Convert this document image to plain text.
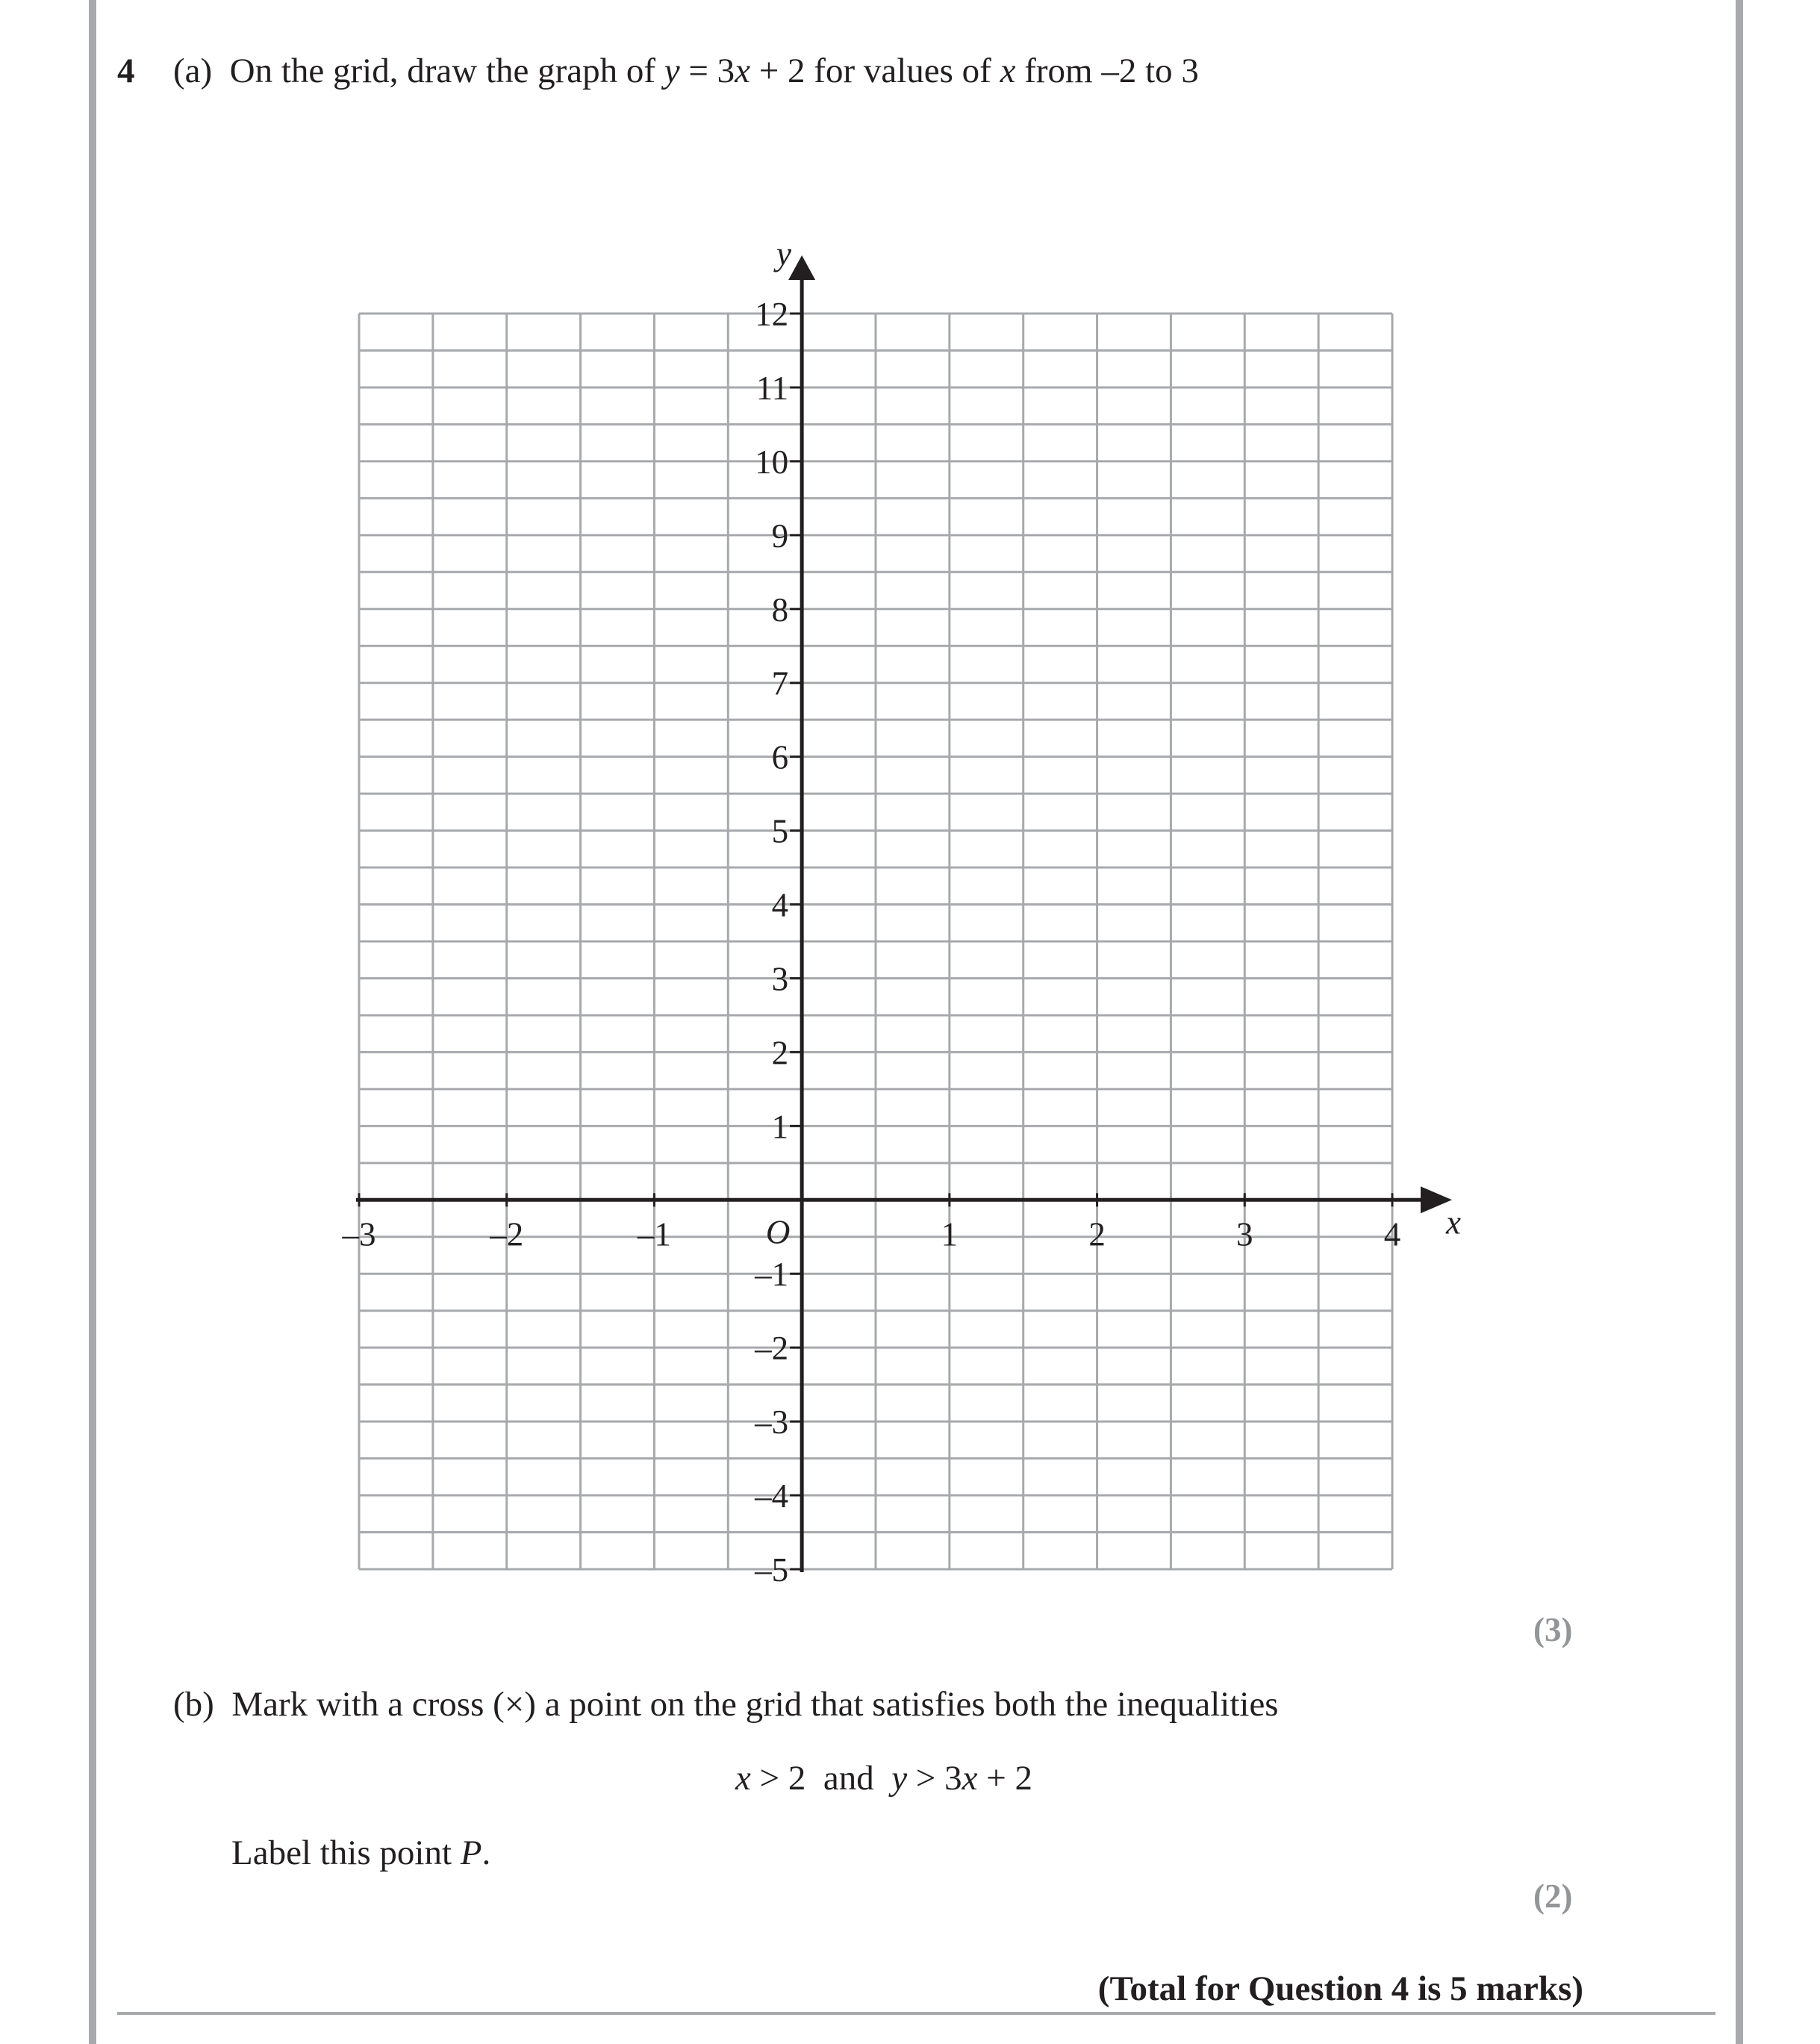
4 (a) On the grid, draw the graph of y = 3x + 2 for values of x from –2 to 3
–3	–2	–1	1	2	3	4
12
11
10
9
8
7
6
5
4
3
2
1
–1
–2
–3
–4
–5
x
y
O
(3)
(b) Mark with a cross (×) a point on the grid that satisfies both the inequalities
x > 2  and  y > 3x + 2
Label this point P.
(2)
(Total for Question 4 is 5 marks)
